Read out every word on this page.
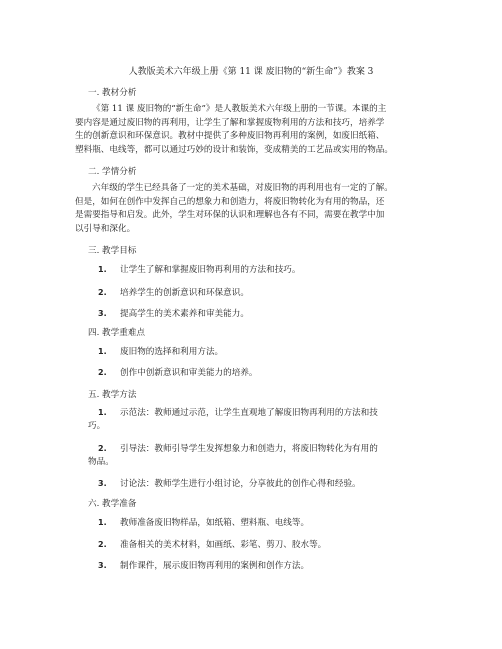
人教版美术六年级上册《第 11 课 废旧物的“新生命”》教案 3
一. 教材分析
《第 11 课 废旧物的“新生命”》是人教版美术六年级上册的一节课。本课的主
要内容是通过废旧物的再利用，让学生了解和掌握废物利用的方法和技巧，培养学
生的创新意识和环保意识。教材中提供了多种废旧物再利用的案例，如废旧纸箱、
塑料瓶、电线等，都可以通过巧妙的设计和装饰，变成精美的工艺品或实用的物品。
二. 学情分析
六年级的学生已经具备了一定的美术基础，对废旧物的再利用也有一定的了解。
但是，如何在创作中发挥自己的想象力和创造力，将废旧物转化为有用的物品，还
是需要指导和启发。此外，学生对环保的认识和理解也各有不同，需要在教学中加
以引导和深化。
三. 教学目标
1. 让学生了解和掌握废旧物再利用的方法和技巧。
2. 培养学生的创新意识和环保意识。
3. 提高学生的美术素养和审美能力。
四. 教学重难点
1. 废旧物的选择和利用方法。
2. 创作中创新意识和审美能力的培养。
五. 教学方法
1. 示范法：教师通过示范，让学生直观地了解废旧物再利用的方法和技
巧。
2. 引导法：教师引导学生发挥想象力和创造力，将废旧物转化为有用的
物品。
3. 讨论法：教师学生进行小组讨论，分享彼此的创作心得和经验。
六. 教学准备
1. 教师准备废旧物样品，如纸箱、塑料瓶、电线等。
2. 准备相关的美术材料，如画纸、彩笔、剪刀、胶水等。
3. 制作课件，展示废旧物再利用的案例和创作方法。
